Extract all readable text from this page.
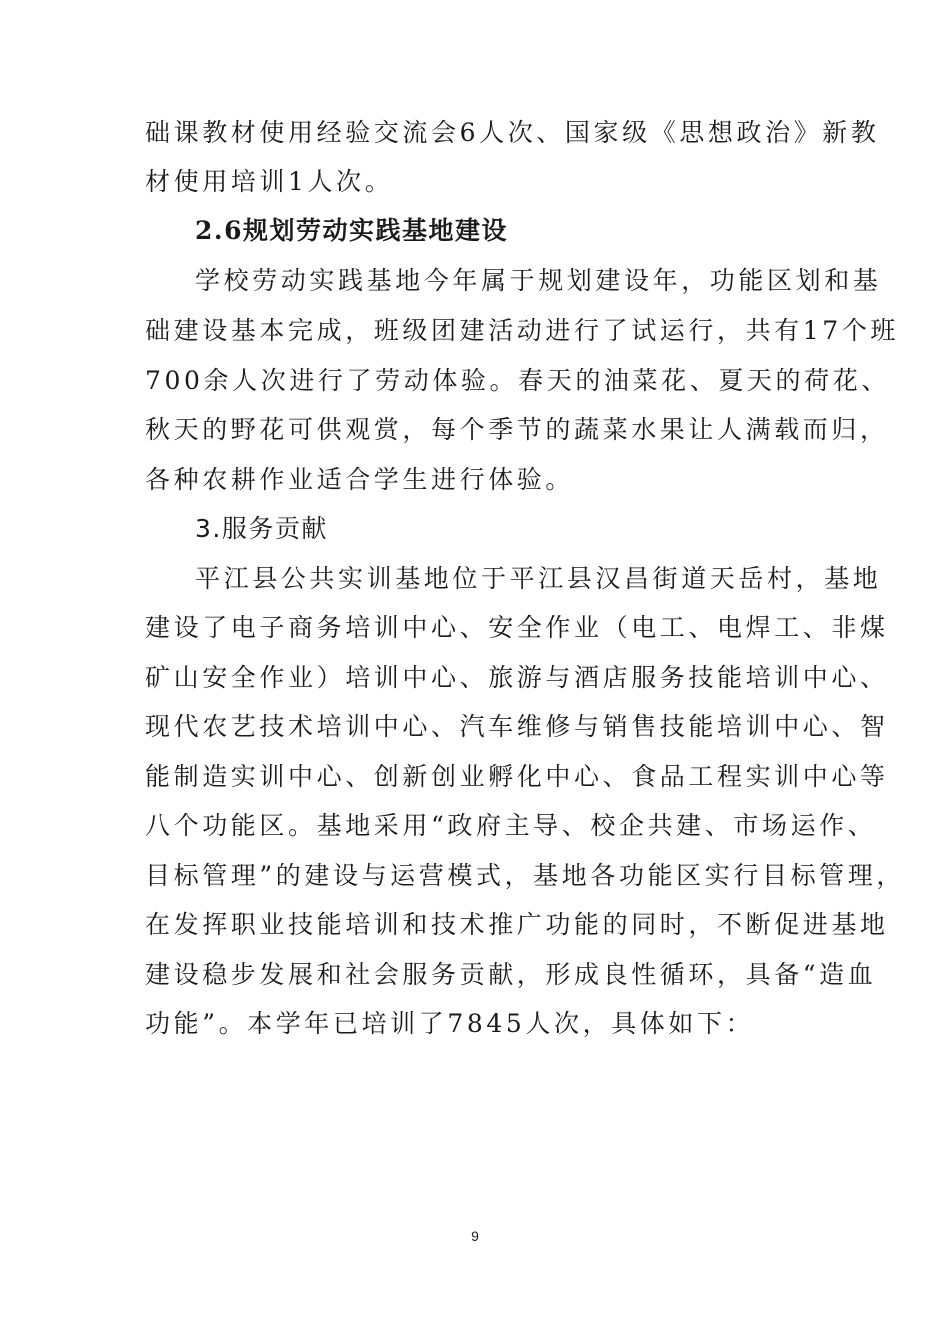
础课教材使用经验交流会6人次、国家级《思想政治》新教
材使用培训1人次。
2.6规划劳动实践基地建设
学校劳动实践基地今年属于规划建设年，功能区划和基
础建设基本完成，班级团建活动进行了试运行，共有17个班
700余人次进行了劳动体验。春天的油菜花、夏天的荷花、
秋天的野花可供观赏，每个季节的蔬菜水果让人满载而归，
各种农耕作业适合学生进行体验。
3.服务贡献
平江县公共实训基地位于平江县汉昌街道天岳村，基地
建设了电子商务培训中心、安全作业（电工、电焊工、非煤
矿山安全作业）培训中心、旅游与酒店服务技能培训中心、
现代农艺技术培训中心、汽车维修与销售技能培训中心、智
能制造实训中心、创新创业孵化中心、食品工程实训中心等
八个功能区。基地采用“政府主导、校企共建、市场运作、
目标管理”的建设与运营模式，基地各功能区实行目标管理，
在发挥职业技能培训和技术推广功能的同时，不断促进基地
建设稳步发展和社会服务贡献，形成良性循环，具备“造血
功能”。本学年已培训了7845人次，具体如下：
9
